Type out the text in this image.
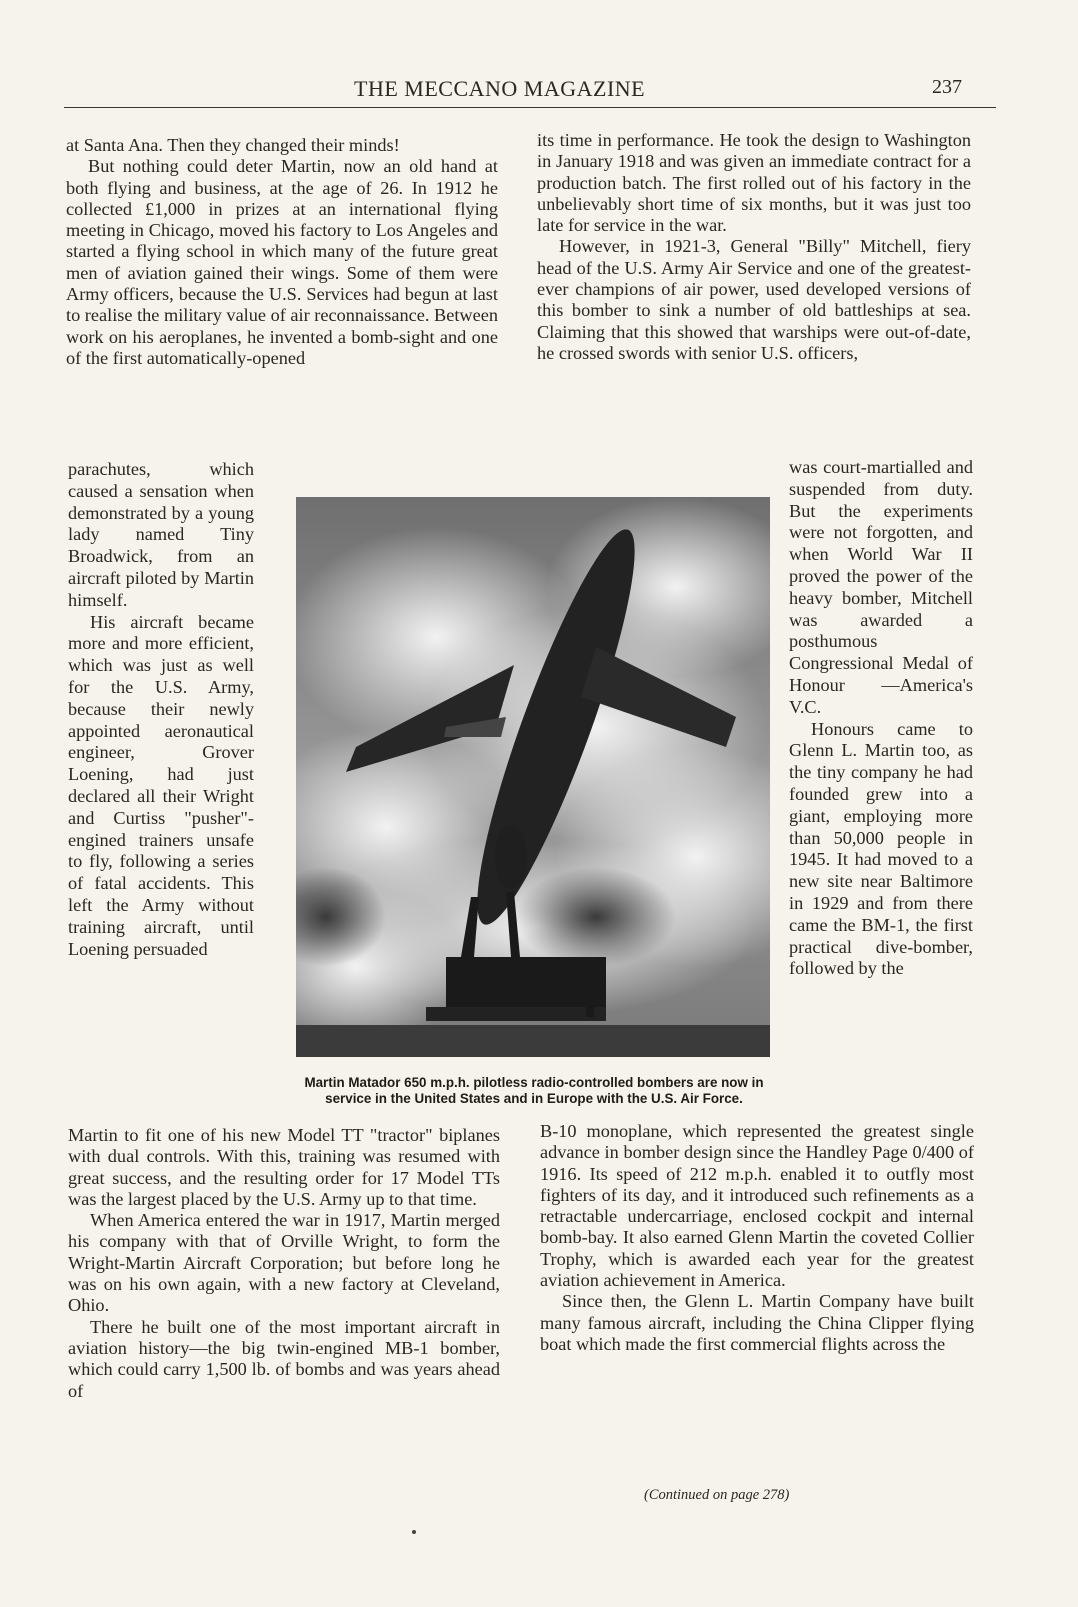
THE MECCANO MAGAZINE	237

at Santa Ana. Then they changed their minds!

But nothing could deter Martin, now an old hand at both flying and business, at the age of 26. In 1912 he collected £1,000 in prizes at an international flying meeting in Chicago, moved his factory to Los Angeles and started a flying school in which many of the future great men of aviation gained their wings. Some of them were Army officers, because the U.S. Services had begun at last to realise the military value of air reconnaissance. Between work on his aeroplanes, he invented a bomb-sight and one of the first automatically-opened

parachutes, which caused a sensation when demonstrated by a young lady named Tiny Broadwick, from an aircraft piloted by Martin himself.

His aircraft became more and more efficient, which was just as well for the U.S. Army, because their newly appointed aeronautical engineer, Grover Loening, had just declared all their Wright and Curtiss "pusher"-engined trainers unsafe to fly, following a series of fatal accidents. This left the Army without training aircraft, until Loening persuaded

Martin to fit one of his new Model TT "tractor" biplanes with dual controls. With this, training was resumed with great success, and the resulting order for 17 Model TTs was the largest placed by the U.S. Army up to that time.

When America entered the war in 1917, Martin merged his company with that of Orville Wright, to form the Wright-Martin Aircraft Corporation; but before long he was on his own again, with a new factory at Cleveland, Ohio.

There he built one of the most important aircraft in aviation history—the big twin-engined MB-1 bomber, which could carry 1,500 lb. of bombs and was years ahead of

its time in performance. He took the design to Washington in January 1918 and was given an immediate contract for a production batch. The first rolled out of his factory in the unbelievably short time of six months, but it was just too late for service in the war.

However, in 1921-3, General "Billy" Mitchell, fiery head of the U.S. Army Air Service and one of the greatest-ever champions of air power, used developed versions of this bomber to sink a number of old battleships at sea. Claiming that this showed that warships were out-of-date, he crossed swords with senior U.S. officers,

was court-martialled and suspended from duty. But the experiments were not forgotten, and when World War II proved the power of the heavy bomber, Mitchell was awarded a posthumous Congressional Medal of Honour —America's V.C.

Honours came to Glenn L. Martin too, as the tiny company he had founded grew into a giant, employing more than 50,000 people in 1945. It had moved to a new site near Baltimore in 1929 and from there came the BM-1, the first practical dive-bomber, followed by the

B-10 monoplane, which represented the greatest single advance in bomber design since the Handley Page 0/400 of 1916. Its speed of 212 m.p.h. enabled it to outfly most fighters of its day, and it introduced such refinements as a retractable undercarriage, enclosed cockpit and internal bomb-bay. It also earned Glenn Martin the coveted Collier Trophy, which is awarded each year for the greatest aviation achievement in America.

Since then, the Glenn L. Martin Company have built many famous aircraft, including the China Clipper flying boat which made the first commercial flights across the

Martin Matador 650 m.p.h. pilotless radio-controlled bombers are now in service in the United States and in Europe with the U.S. Air Force.
(Continued on page 278)
